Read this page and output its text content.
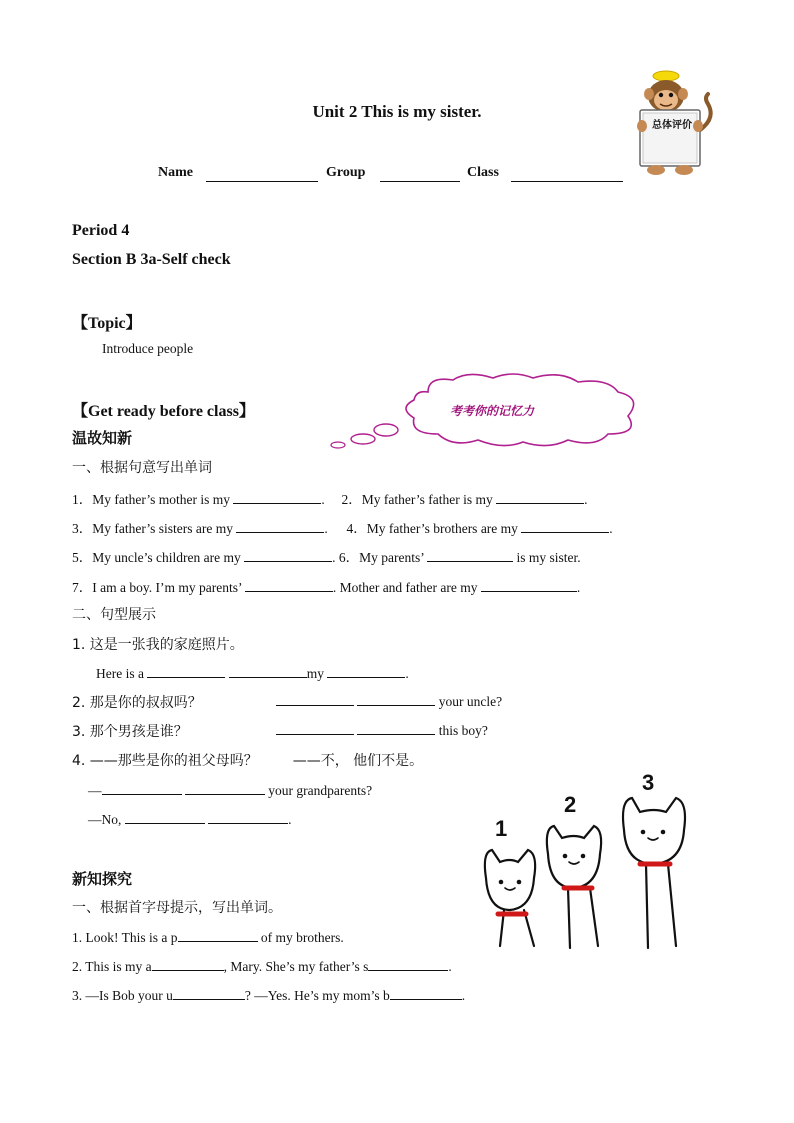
Unit 2 This is my sister.
Name	Group	Class
总体评价
Period 4
Section B 3a-Self check
【Topic】
Introduce people
【Get ready before class】	考考你的记忆力
温故知新
一、根据句意写出单词
1．My father’s mother is my	. 2．My father’s father is my	.
3．My father’s sisters are my	. 4．My father’s brothers are my	.
5．My uncle’s children are my	. 6．My parents’	is my sister.
7．I am a boy. I’m my parents’	. Mother and father are my	.
二、句型展示
1. 这是一张我的家庭照片。
Here is a	my	.
2. 那是你的叔叔吗？	your uncle?
3. 那个男孩是谁？	this boy?
4. ——那些是你的祖父母吗？ ——不， 他们不是。
—	your grandparents?
—No,	.
新知探究
一、根据首字母提示，写出单词。
1. Look! This is a p	of my brothers.
2. This is my a	, Mary. She’s my father’s s	.
3. —Is Bob your u	? —Yes. He’s my mom’s b	.
1
2
3
